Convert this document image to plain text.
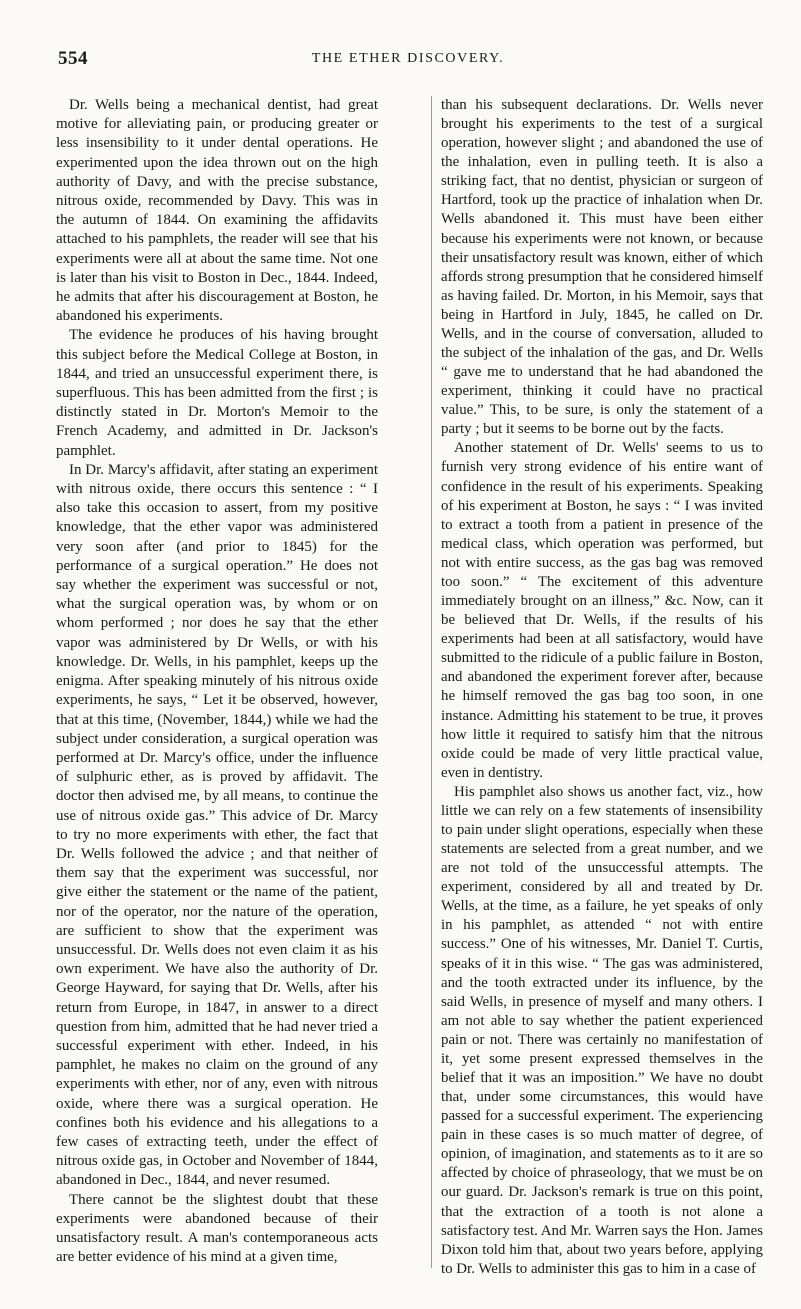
554	THE ETHER DISCOVERY.

Dr. Wells being a mechanical dentist, had great motive for alleviating pain, or producing greater or less insensibility to it under dental operations. He experimented upon the idea thrown out on the high authority of Davy, and with the precise substance, nitrous oxide, recommended by Davy. This was in the autumn of 1844. On examining the affidavits attached to his pamphlets, the reader will see that his experiments were all at about the same time. Not one is later than his visit to Boston in Dec., 1844. Indeed, he admits that after his discouragement at Boston, he abandoned his experiments.

The evidence he produces of his having brought this subject before the Medical College at Boston, in 1844, and tried an unsuccessful experiment there, is superfluous. This has been admitted from the first ; is distinctly stated in Dr. Morton's Memoir to the French Academy, and admitted in Dr. Jackson's pamphlet.

In Dr. Marcy's affidavit, after stating an experiment with nitrous oxide, there occurs this sentence : “ I also take this occasion to assert, from my positive knowledge, that the ether vapor was administered very soon after (and prior to 1845) for the performance of a surgical operation.” He does not say whether the experiment was successful or not, what the surgical operation was, by whom or on whom performed ; nor does he say that the ether vapor was administered by Dr Wells, or with his knowledge. Dr. Wells, in his pamphlet, keeps up the enigma. After speaking minutely of his nitrous oxide experiments, he says, “ Let it be observed, however, that at this time, (November, 1844,) while we had the subject under consideration, a surgical operation was performed at Dr. Marcy's office, under the influence of sulphuric ether, as is proved by affidavit. The doctor then advised me, by all means, to continue the use of nitrous oxide gas.” This advice of Dr. Marcy to try no more experiments with ether, the fact that Dr. Wells followed the advice ; and that neither of them say that the experiment was successful, nor give either the statement or the name of the patient, nor of the operator, nor the nature of the operation, are sufficient to show that the experiment was unsuccessful. Dr. Wells does not even claim it as his own experiment. We have also the authority of Dr. George Hayward, for saying that Dr. Wells, after his return from Europe, in 1847, in answer to a direct question from him, admitted that he had never tried a successful experiment with ether. Indeed, in his pamphlet, he makes no claim on the ground of any experiments with ether, nor of any, even with nitrous oxide, where there was a surgical operation. He confines both his evidence and his allegations to a few cases of extracting teeth, under the effect of nitrous oxide gas, in October and November of 1844, abandoned in Dec., 1844, and never resumed.

There cannot be the slightest doubt that these experiments were abandoned because of their unsatisfactory result. A man's contemporaneous acts are better evidence of his mind at a given time,

than his subsequent declarations. Dr. Wells never brought his experiments to the test of a surgical operation, however slight ; and abandoned the use of the inhalation, even in pulling teeth. It is also a striking fact, that no dentist, physician or surgeon of Hartford, took up the practice of inhalation when Dr. Wells abandoned it. This must have been either because his experiments were not known, or because their unsatisfactory result was known, either of which affords strong presumption that he considered himself as having failed. Dr. Morton, in his Memoir, says that being in Hartford in July, 1845, he called on Dr. Wells, and in the course of conversation, alluded to the subject of the inhalation of the gas, and Dr. Wells “ gave me to understand that he had abandoned the experiment, thinking it could have no practical value.” This, to be sure, is only the statement of a party ; but it seems to be borne out by the facts.

Another statement of Dr. Wells' seems to us to furnish very strong evidence of his entire want of confidence in the result of his experiments. Speaking of his experiment at Boston, he says : “ I was invited to extract a tooth from a patient in presence of the medical class, which operation was performed, but not with entire success, as the gas bag was removed too soon.” “ The excitement of this adventure immediately brought on an illness,” &c. Now, can it be believed that Dr. Wells, if the results of his experiments had been at all satisfactory, would have submitted to the ridicule of a public failure in Boston, and abandoned the experiment forever after, because he himself removed the gas bag too soon, in one instance. Admitting his statement to be true, it proves how little it required to satisfy him that the nitrous oxide could be made of very little practical value, even in dentistry.

His pamphlet also shows us another fact, viz., how little we can rely on a few statements of insensibility to pain under slight operations, especially when these statements are selected from a great number, and we are not told of the unsuccessful attempts. The experiment, considered by all and treated by Dr. Wells, at the time, as a failure, he yet speaks of only in his pamphlet, as attended “ not with entire success.” One of his witnesses, Mr. Daniel T. Curtis, speaks of it in this wise. “ The gas was administered, and the tooth extracted under its influence, by the said Wells, in presence of myself and many others. I am not able to say whether the patient experienced pain or not. There was certainly no manifestation of it, yet some present expressed themselves in the belief that it was an imposition.” We have no doubt that, under some circumstances, this would have passed for a successful experiment. The experiencing pain in these cases is so much matter of degree, of opinion, of imagination, and statements as to it are so affected by choice of phraseology, that we must be on our guard. Dr. Jackson's remark is true on this point, that the extraction of a tooth is not alone a satisfactory test. And Mr. Warren says the Hon. James Dixon told him that, about two years before, applying to Dr. Wells to administer this gas to him in a case of
